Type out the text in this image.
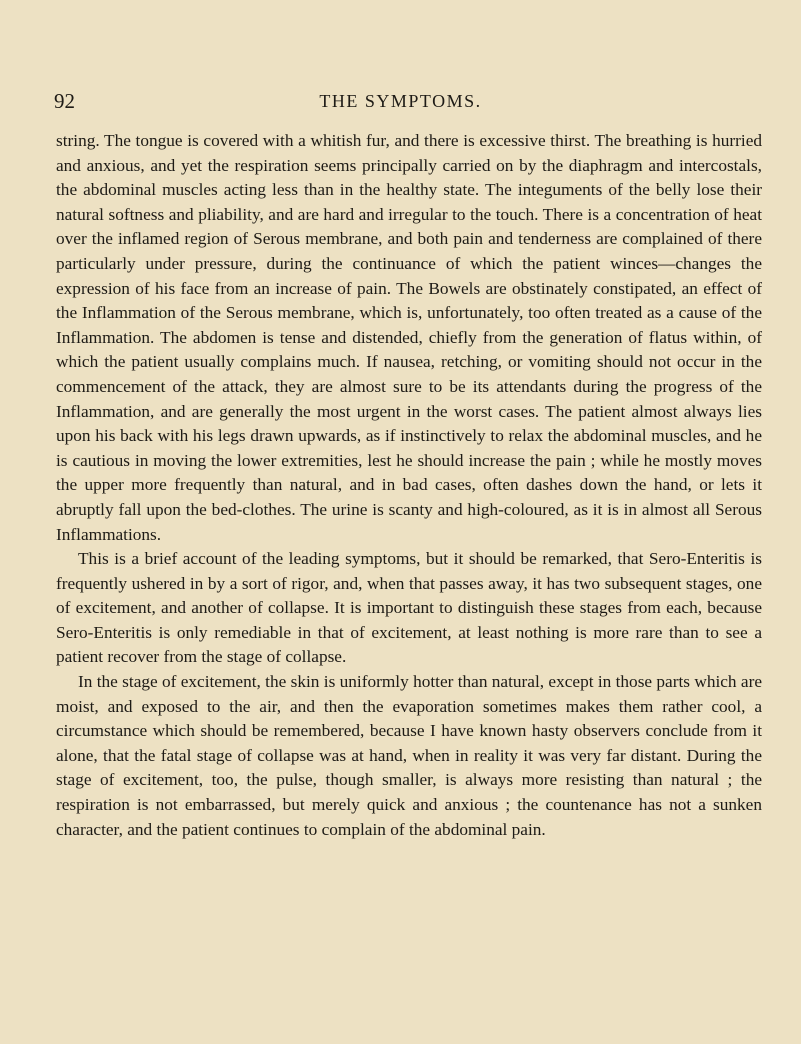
92	THE SYMPTOMS.

string. The tongue is covered with a whitish fur, and there is excessive thirst. The breathing is hurried and anxious, and yet the respiration seems principally carried on by the diaphragm and intercostals, the abdominal muscles acting less than in the healthy state. The integuments of the belly lose their natural softness and pliability, and are hard and irregular to the touch. There is a concentration of heat over the inflamed region of Serous membrane, and both pain and tenderness are complained of there particularly under pressure, during the continuance of which the patient winces—changes the expression of his face from an increase of pain. The Bowels are obstinately constipated, an effect of the Inflammation of the Serous membrane, which is, unfortunately, too often treated as a cause of the Inflammation. The abdomen is tense and distended, chiefly from the generation of flatus within, of which the patient usually complains much. If nausea, retching, or vomiting should not occur in the commencement of the attack, they are almost sure to be its attendants during the progress of the Inflammation, and are generally the most urgent in the worst cases. The patient almost always lies upon his back with his legs drawn upwards, as if instinctively to relax the abdominal muscles, and he is cautious in moving the lower extremities, lest he should increase the pain ; while he mostly moves the upper more frequently than natural, and in bad cases, often dashes down the hand, or lets it abruptly fall upon the bed-clothes. The urine is scanty and high-coloured, as it is in almost all Serous Inflammations.

This is a brief account of the leading symptoms, but it should be remarked, that Sero-Enteritis is frequently ushered in by a sort of rigor, and, when that passes away, it has two subsequent stages, one of excitement, and another of collapse. It is important to distinguish these stages from each, because Sero-Enteritis is only remediable in that of excitement, at least nothing is more rare than to see a patient recover from the stage of collapse.

In the stage of excitement, the skin is uniformly hotter than natural, except in those parts which are moist, and exposed to the air, and then the evaporation sometimes makes them rather cool, a circumstance which should be remembered, because I have known hasty observers conclude from it alone, that the fatal stage of collapse was at hand, when in reality it was very far distant. During the stage of excitement, too, the pulse, though smaller, is always more resisting than natural ; the respiration is not embarrassed, but merely quick and anxious ; the countenance has not a sunken character, and the patient continues to complain of the abdominal pain.
